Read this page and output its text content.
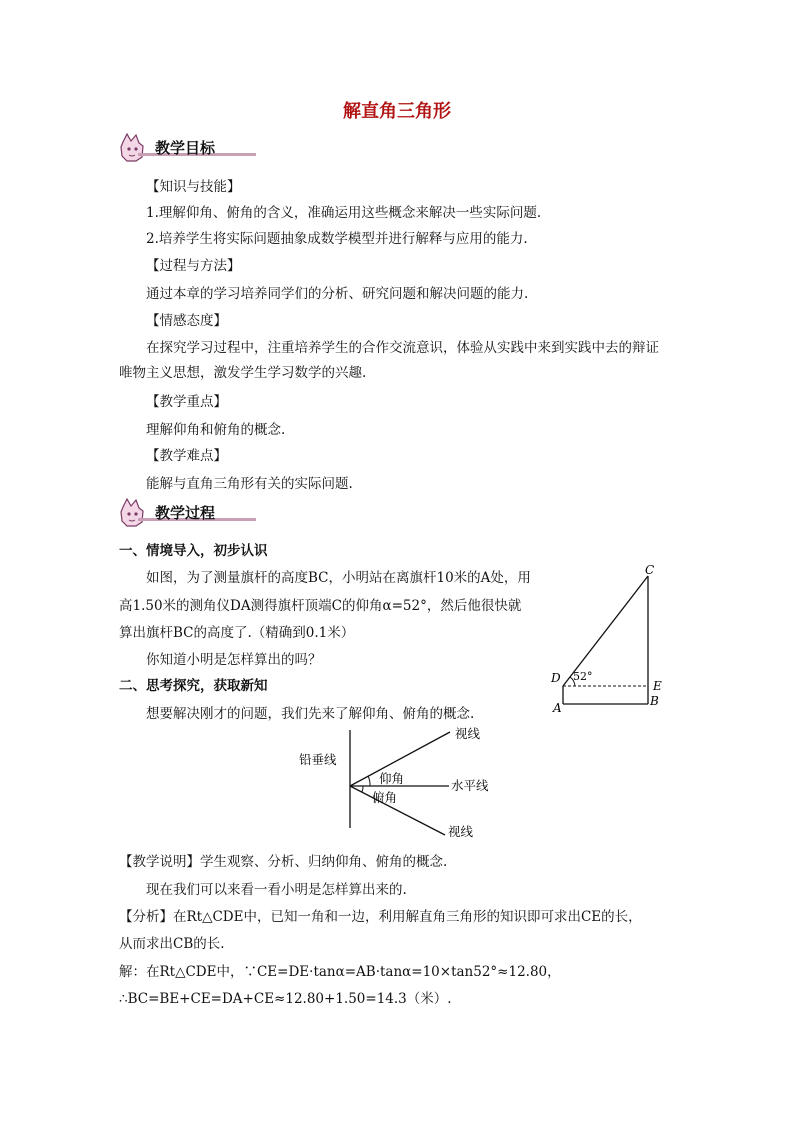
解直角三角形
教学目标
【知识与技能】
1.理解仰角、俯角的含义，准确运用这些概念来解决一些实际问题.
2.培养学生将实际问题抽象成数学模型并进行解释与应用的能力.
【过程与方法】
通过本章的学习培养同学们的分析、研究问题和解决问题的能力.
【情感态度】
在探究学习过程中，注重培养学生的合作交流意识，体验从实践中来到实践中去的辩证
唯物主义思想，激发学生学习数学的兴趣.
【教学重点】
理解仰角和俯角的概念.
【教学难点】
能解与直角三角形有关的实际问题.
教学过程
一、情境导入，初步认识
如图，为了测量旗杆的高度BC，小明站在离旗杆10米的A处，用
高1.50米的测角仪DA测得旗杆顶端C的仰角α=52°，然后他很快就
算出旗杆BC的高度了.（精确到0.1米）
你知道小明是怎样算出的吗？
二、思考探究，获取新知
想要解决刚才的问题，我们先来了解仰角、俯角的概念.
C
D
E
A	B
52°
铅垂线
视线
水平线
视线
仰角
俯角
【教学说明】学生观察、分析、归纳仰角、俯角的概念.
现在我们可以来看一看小明是怎样算出来的.
【分析】在Rt△CDE中，已知一角和一边，利用解直角三角形的知识即可求出CE的长，
从而求出CB的长.
解：在Rt△CDE中，∵CE=DE·tanα=AB·tanα=10×tan52°≈12.80，
∴BC=BE+CE=DA+CE≈12.80+1.50=14.3（米）.
